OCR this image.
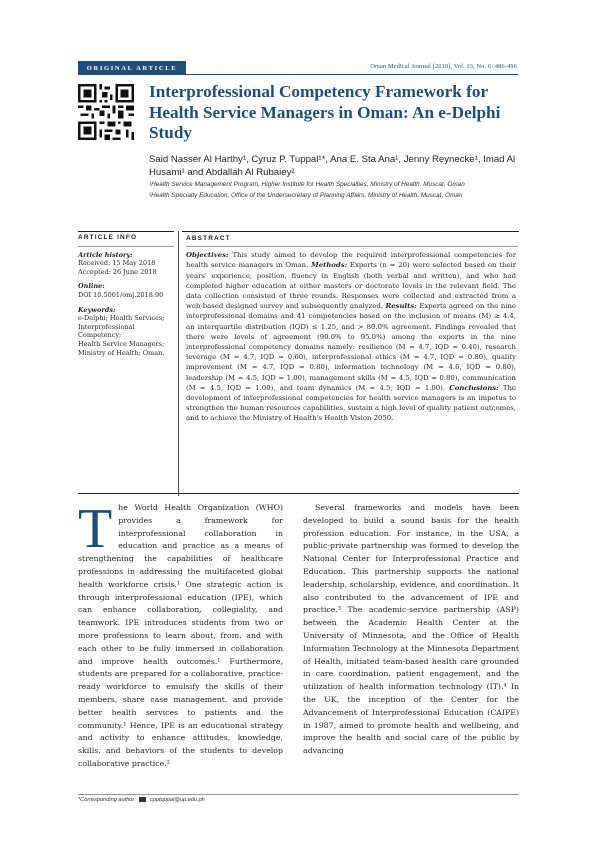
ORIGINAL ARTICLE	Oman Medical Journal [2018], Vol. 33, No. 6: 486-496
Interprofessional Competency Framework for Health Service Managers in Oman: An e-Delphi Study
Said Nasser Al Harthy¹, Cyruz P. Tuppal¹*, Ana E. Sta Ana¹, Jenny Reynecke¹, Imad Al Husami¹ and Abdallah Al Rubaiey²

¹Health Service Management Program, Higher Institute for Health Specialties, Ministry of Health, Muscat, Oman

²Health Specialty Education, Office of the Undersecretary of Planning Affairs, Ministry of Health, Muscat, Oman

ARTICLE INFO

Article history:

Received: 15 May 2018

Accepted: 26 June 2018

Online:

DOI 10.5001/omj.2018.90

Keywords:

e-Delphi; Health Services;

Interprofessional Competency;

Health Service Managers;

Ministry of Health; Oman.

ABSTRACT

Objectives: This study aimed to develop the required interprofessional competencies for health service managers in Oman. Methods: Experts (n = 20) were selected based on their years' experience, position, fluency in English (both verbal and written), and who had completed higher education at either masters or doctorate levels in the relevant field. The data collection consisted of three rounds. Responses were collected and extracted from a web-based designed survey and subsequently analyzed. Results: Experts agreed on the nine interprofessional domains and 41 competencies based on the inclusion of means (M) ≥ 4.4, an interquartile distribution (IQD) ≤ 1.25, and > 80.0% agreement. Findings revealed that there were levels of agreement (90.0% to 95.0%) among the experts in the nine interprofessional competency domains namely: resilience (M = 4.7, IQD = 0.40), research leverage (M = 4.7, IQD = 0.60), interprofessional ethics (M = 4.7, IQD = 0.80), quality improvement (M = 4.7, IQD = 0.80), information technology (M = 4.6, IQD = 0.80), leadership (M = 4.5, IQD = 1.00), management skills (M = 4.5, IQD = 0.80), communication (M = 4.5, IQD = 1.00), and team dynamics (M = 4.5, IQD = 1.00). Conclusions: The development of interprofessional competencies for health service managers is an impetus to strengthen the human resources capabilities, sustain a high level of quality patient outcomes, and to achieve the Ministry of Health's Health Vision 2050.

The World Health Organization (WHO) provides a framework for interprofessional collaboration in education and practice as a means of strengthening the capabilities of healthcare professions in addressing the multifaceted global health workforce crisis.¹ One strategic action is through interprofessional education (IPE), which can enhance collaboration, collegiality, and teamwork. IPE introduces students from two or more professions to learn about, from, and with each other to be fully immersed in collaboration and improve health outcomes.¹ Furthermore, students are prepared for a collaborative, practice-ready workforce to emulsify the skills of their members, share case management, and provide better health services to patients and the community.¹ Hence, IPE is an educational strategy and activity to enhance attitudes, knowledge, skills, and behaviors of the students to develop collaborative practice.²

Several frameworks and models have been developed to build a sound basis for the health profession education. For instance, in the USA, a public-private partnership was formed to develop the National Center for Interprofessional Practice and Education. This partnership supports the national leadership, scholarship, evidence, and coordination. It also contributed to the advancement of IPE and practice.³ The academic-service partnership (ASP) between the Academic Health Center at the University of Minnesota, and the Office of Health Information Technology at the Minnesota Department of Health, initiated team-based health care grounded in care coordination, patient engagement, and the utilization of health information technology (IT).⁴ In the UK, the inception of the Center for the Advancement of Interprofessional Education (CAIPE) in 1987, aimed to promote health and wellbeing, and improve the health and social care of the public by advancing

*Corresponding author:	cpptuppal@up.edu.ph
